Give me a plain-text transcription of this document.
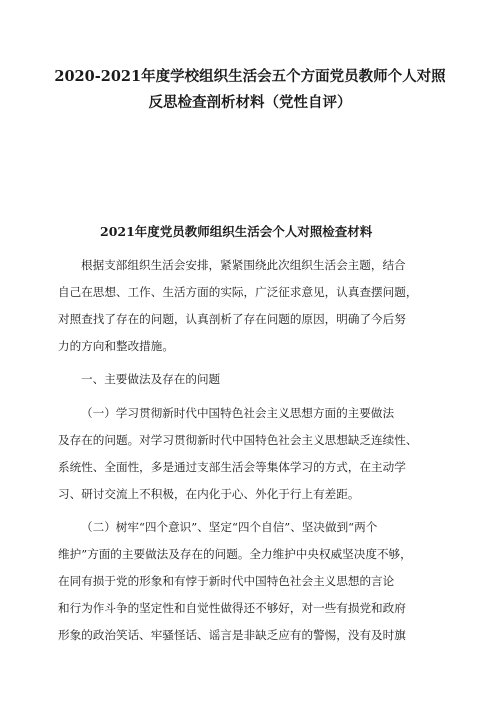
2020-2021年度学校组织生活会五个方面党员教师个人对照
反思检查剖析材料（党性自评）
2021年度党员教师组织生活会个人对照检查材料

根据支部组织生活会安排，紧紧围绕此次组织生活会主题，结合
自己在思想、工作、生活方面的实际，广泛征求意见，认真查摆问题，
对照查找了存在的问题，认真剖析了存在问题的原因，明确了今后努
力的方向和整改措施。

一、主要做法及存在的问题

（一）学习贯彻新时代中国特色社会主义思想方面的主要做法
及存在的问题。对学习贯彻新时代中国特色社会主义思想缺乏连续性、
系统性、全面性，多是通过支部生活会等集体学习的方式，在主动学
习、研讨交流上不积极，在内化于心、外化于行上有差距。

（二）树牢“四个意识”、坚定“四个自信”、坚决做到“两个
维护”方面的主要做法及存在的问题。全力维护中央权威坚决度不够，
在同有损于党的形象和有悖于新时代中国特色社会主义思想的言论
和行为作斗争的坚定性和自觉性做得还不够好，对一些有损党和政府
形象的政治笑话、牢骚怪话、谣言是非缺乏应有的警惕，没有及时旗
